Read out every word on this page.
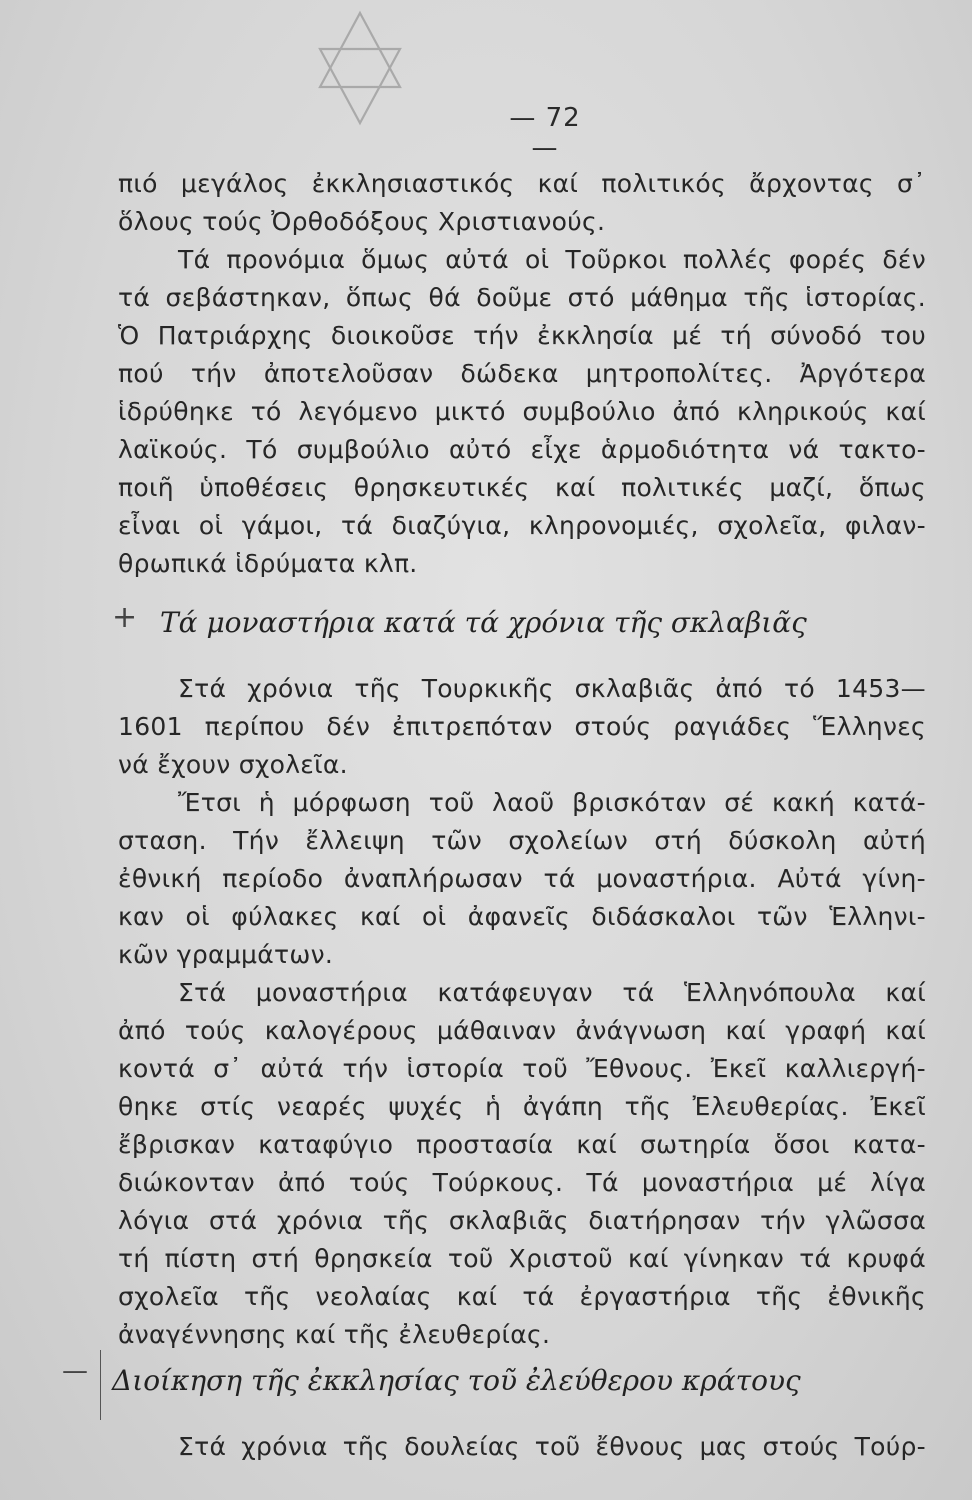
— 72 —
πιό μεγάλος ἐκκλησιαστικός καί πολιτικός ἄρχοντας σ᾽
ὅλους τούς Ὀρθοδόξους Χριστιανούς.
Τά προνόμια ὅμως αὐτά οἱ Τοῦρκοι πολλές φορές δέν
τά σεβάστηκαν, ὅπως θά δοῦμε στό μάθημα τῆς ἱστορίας.
Ὁ Πατριάρχης διοικοῦσε τήν ἐκκλησία μέ τή σύνοδό του
πού τήν ἀποτελοῦσαν δώδεκα μητροπολίτες. Ἀργότερα
ἱδρύθηκε τό λεγόμενο μικτό συμβούλιο ἀπό κληρικούς καί
λαϊκούς. Τό συμβούλιο αὐτό εἶχε ἁρμοδιότητα νά τακτο-
ποιῆ ὑποθέσεις θρησκευτικές καί πολιτικές μαζί, ὅπως
εἶναι οἱ γάμοι, τά διαζύγια, κληρονομιές, σχολεῖα, φιλαν-
θρωπικά ἱδρύματα κλπ.
+ Τά μοναστήρια κατά τά χρόνια τῆς σκλαβιᾶς
Στά χρόνια τῆς Τουρκικῆς σκλαβιᾶς ἀπό τό 1453—
1601 περίπου δέν ἐπιτρεπόταν στούς ραγιάδες Ἕλληνες
νά ἔχουν σχολεῖα.
Ἔτσι ἡ μόρφωση τοῦ λαοῦ βρισκόταν σέ κακή κατά-
σταση. Τήν ἔλλειψη τῶν σχολείων στή δύσκολη αὐτή
ἐθνική περίοδο ἀναπλήρωσαν τά μοναστήρια. Αὐτά γίνη-
καν οἱ φύλακες καί οἱ ἀφανεῖς διδάσκαλοι τῶν Ἑλληνι-
κῶν γραμμάτων.
Στά μοναστήρια κατάφευγαν τά Ἑλληνόπουλα καί
ἀπό τούς καλογέρους μάθαιναν ἀνάγνωση καί γραφή καί
κοντά σ᾽ αὐτά τήν ἱστορία τοῦ Ἔθνους. Ἐκεῖ καλλιεργή-
θηκε στίς νεαρές ψυχές ἡ ἀγάπη τῆς Ἐλευθερίας. Ἐκεῖ
ἔβρισκαν καταφύγιο προστασία καί σωτηρία ὅσοι κατα-
διώκονταν ἀπό τούς Τούρκους. Τά μοναστήρια μέ λίγα
λόγια στά χρόνια τῆς σκλαβιᾶς διατήρησαν τήν γλῶσσα
τή πίστη στή θρησκεία τοῦ Χριστοῦ καί γίνηκαν τά κρυφά
σχολεῖα τῆς νεολαίας καί τά ἐργαστήρια τῆς ἐθνικῆς
ἀναγέννησης καί τῆς ἐλευθερίας.
— Διοίκηση τῆς ἐκκλησίας τοῦ ἐλεύθερου κράτους
Στά χρόνια τῆς δουλείας τοῦ ἔθνους μας στούς Τούρ-
